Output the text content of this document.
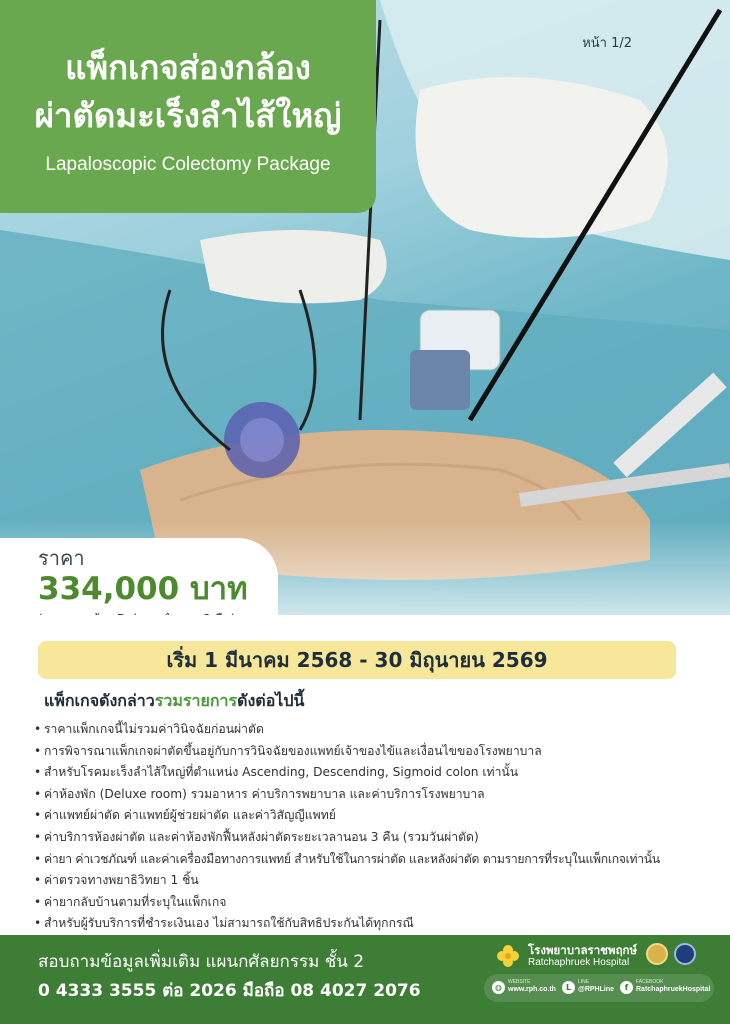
หน้า 1/2
แพ็กเกจส่องกล้อง
ผ่าตัดมะเร็งลำไส้ใหญ่
Lapaloscopic Colectomy Package
ราคา
334,000 บาท
เริ่ม 1 มีนาคม 2568 - 30 มิถุนายน 2569
แพ็กเกจดังกล่าวรวมรายการดังต่อไปนี้
• ราคาแพ็กเกจนี้ไม่รวมค่าวินิจฉัยก่อนผ่าตัด
• การพิจารณาแพ็กเกจผ่าตัดขึ้นอยู่กับการวินิจฉัยของแพทย์เจ้าของไข้และเงื่อนไขของโรงพยาบาล
• สำหรับโรคมะเร็งลำไส้ใหญ่ที่ตำแหน่ง Ascending, Descending, Sigmoid colon เท่านั้น
• ค่าห้องพัก (Deluxe room) รวมอาหาร ค่าบริการพยาบาล และค่าบริการโรงพยาบาล
• ค่าแพทย์ผ่าตัด ค่าแพทย์ผู้ช่วยผ่าตัด และค่าวิสัญญีแพทย์
• ค่าบริการห้องผ่าตัด และค่าห้องพักฟื้นหลังผ่าตัดระยะเวลานอน 3 คืน (รวมวันผ่าตัด)
• ค่ายา ค่าเวชภัณฑ์ และค่าเครื่องมือทางการแพทย์ สำหรับใช้ในการผ่าตัด และหลังผ่าตัด ตามรายการที่ระบุในแพ็กเกจเท่านั้น
• ค่าตรวจทางพยาธิวิทยา 1 ชิ้น
• ค่ายากลับบ้านตามที่ระบุในแพ็กเกจ
• สำหรับผู้รับบริการที่ชำระเงินเอง ไม่สามารถใช้กับสิทธิประกันได้ทุกกรณี
สอบถามข้อมูลเพิ่มเติม แผนกศัลยกรรม ชั้น 2
0 4333 3555 ต่อ 2026 มือถือ 08 4027 2076
โรงพยาบาลราชพฤกษ์
Ratchaphruek Hospital
◍
WEBSITE
www.rph.co.th	L
LINE
@RPHLine	f
FACEBOOK
RatchaphruekHospital
